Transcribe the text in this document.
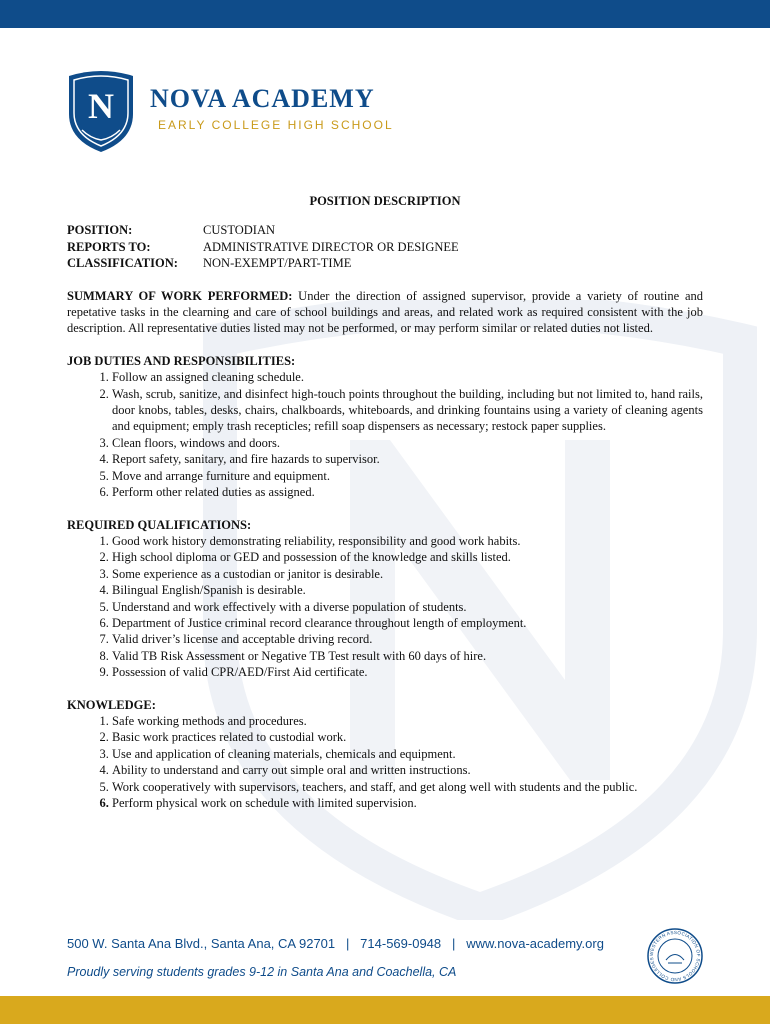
N NOVA ACADEMY
EARLY COLLEGE HIGH SCHOOL
POSITION DESCRIPTION
POSITION:	CUSTODIAN
REPORTS TO:	ADMINISTRATIVE DIRECTOR OR DESIGNEE
CLASSIFICATION:	NON-EXEMPT/PART-TIME
SUMMARY OF WORK PERFORMED: Under the direction of assigned supervisor, provide a variety of routine and repetative tasks in the clearning and care of school buildings and areas, and related work as required consistent with the job description. All representative duties listed may not be performed, or may perform similar or related duties not listed.
JOB DUTIES AND RESPONSIBILITIES:
1. Follow an assigned cleaning schedule.
2. Wash, scrub, sanitize, and disinfect high-touch points throughout the building, including but not limited to, hand rails, door knobs, tables, desks, chairs, chalkboards, whiteboards, and drinking fountains using a variety of cleaning agents and equipment; emply trash recepticles; refill soap dispensers as necessary; restock paper supplies.
3. Clean floors, windows and doors.
4. Report safety, sanitary, and fire hazards to supervisor.
5. Move and arrange furniture and equipment.
6. Perform other related duties as assigned.
REQUIRED QUALIFICATIONS:
1. Good work history demonstrating reliability, responsibility and good work habits.
2. High school diploma or GED and possession of the knowledge and skills listed.
3. Some experience as a custodian or janitor is desirable.
4. Bilingual English/Spanish is desirable.
5. Understand and work effectively with a diverse population of students.
6. Department of Justice criminal record clearance throughout length of employment.
7. Valid driver’s license and acceptable driving record.
8. Valid TB Risk Assessment or Negative TB Test result with 60 days of hire.
9. Possession of valid CPR/AED/First Aid certificate.
KNOWLEDGE:
1. Safe working methods and procedures.
2. Basic work practices related to custodial work.
3. Use and application of cleaning materials, chemicals and equipment.
4. Ability to understand and carry out simple oral and written instructions.
5. Work cooperatively with supervisors, teachers, and staff, and get along well with students and the public.
6. Perform physical work on schedule with limited supervision.
500 W. Santa Ana Blvd., Santa Ana, CA 92701   |   714-569-0948   |   www.nova-academy.org
Proudly serving students grades 9-12 in Santa Ana and Coachella, CA
WESTERN ASSOCIATION OF SCHOOLS AND COLLEGES
